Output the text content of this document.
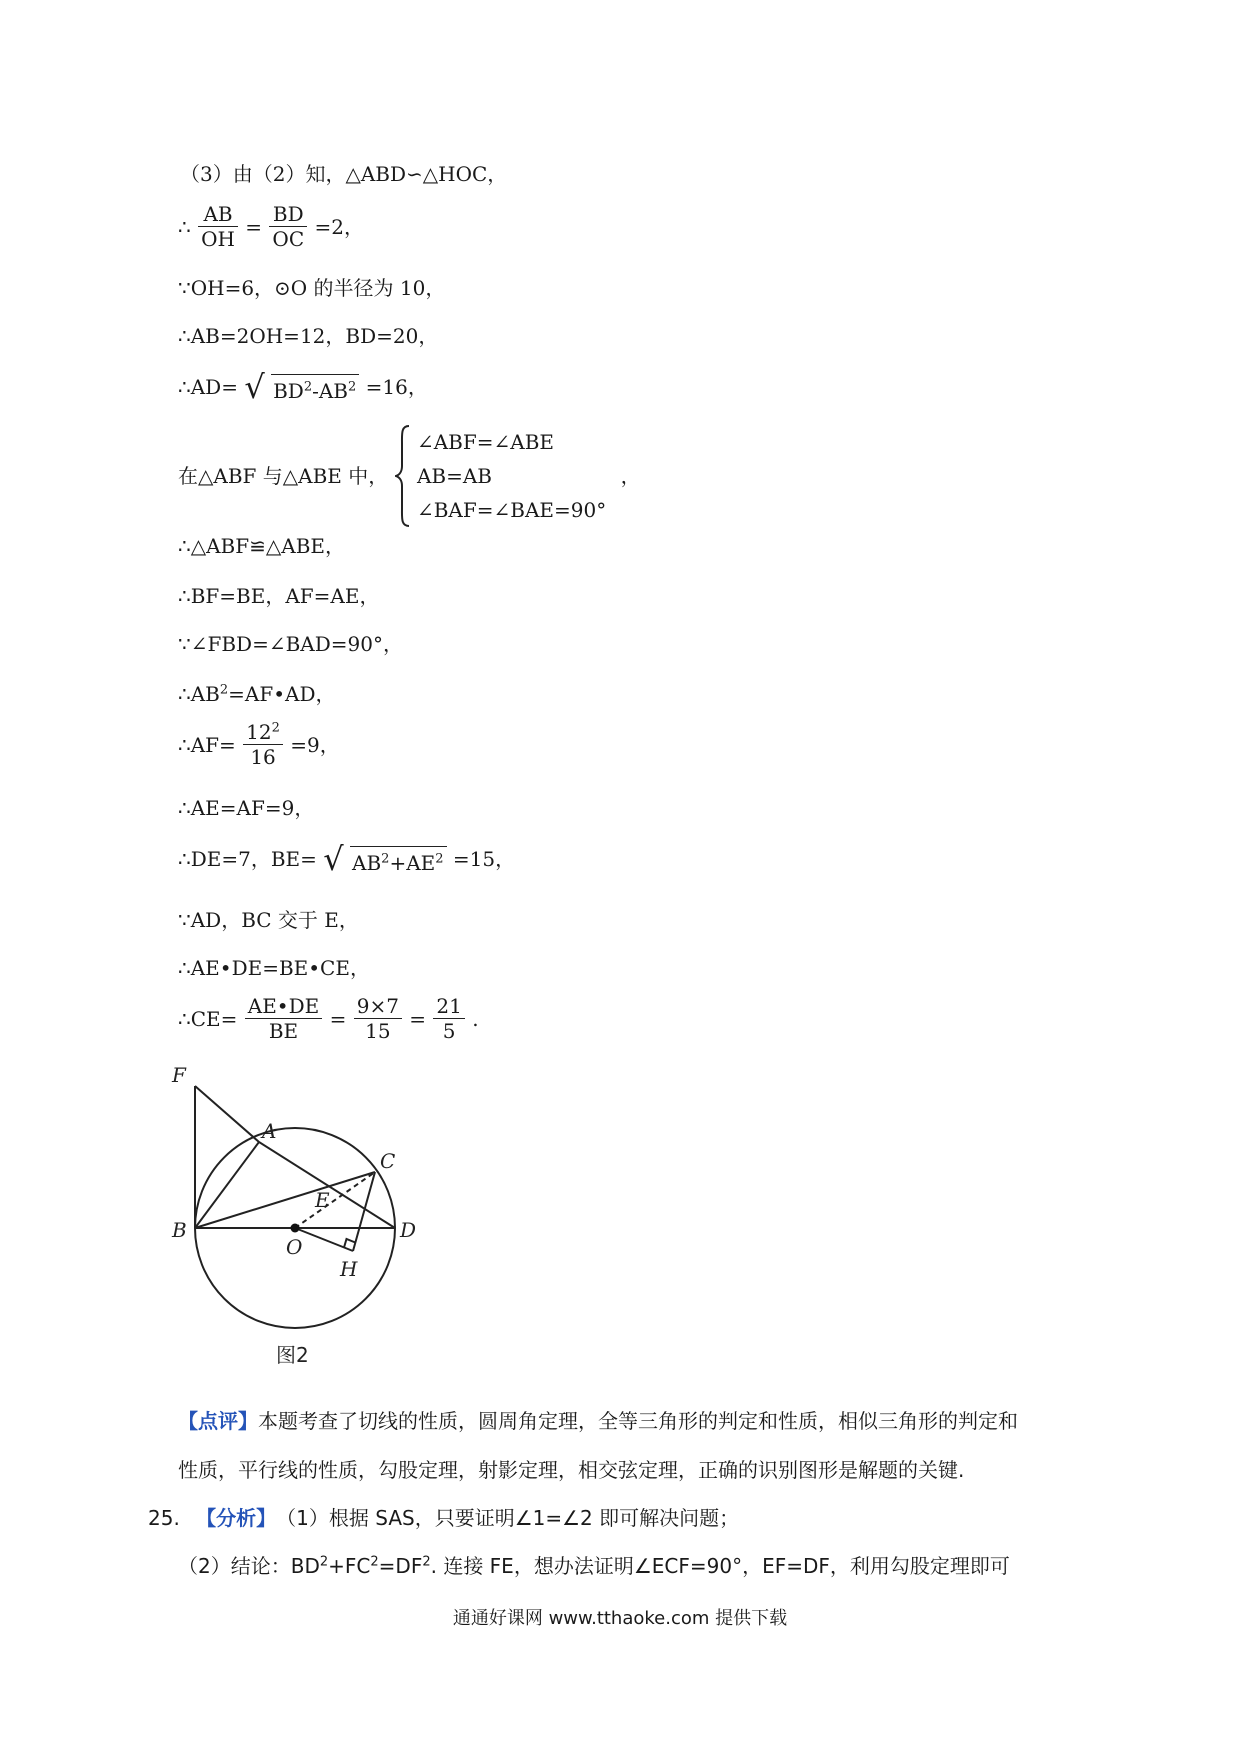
（3）由（2）知，△ABD∽△HOC，
∴ $\frac{AB}{OH} = \frac{BD}{OC} =2$，
∵OH=6，⊙O 的半径为 10，
∴AB=2OH=12，BD=20，
∴AD= √ $BD^2-AB^2 =16$，
在△ABF 与△ABE 中，

∠ABF=∠ABE
AB=AB
∠BAF=∠BAE=90°
，
∴△ABF≌△ABE，
∴BF=BE，AF=AE，
∵∠FBD=∠BAD=90°，
$\therefore AB^2=AF•AD$，
∴AF= $\frac{12^2}{16} =9$，
∴AE=AF=9，
∴DE=7，BE= √ $AB^2+AE^2 =15$，
∵AD，BC 交于 E，
∴AE•DE=BE•CE，
∴CE= $\frac{AE•DE}{BE} = \frac{9\times 7}{15} = \frac{21}{5}$ .
F
A
C
E
B
O
D
H
图2
【点评】本题考查了切线的性质，圆周角定理，全等三角形的判定和性质，相似三角形的判定和
性质，平行线的性质，勾股定理，射影定理，相交弦定理，正确的识别图形是解题的关键.
25. 【分析】（1）根据 SAS，只要证明∠1=∠2 即可解决问题；
（2）结论：$BD^2+FC^2=DF^2$. 连接 FE，想办法证明∠ECF=90°，EF=DF，利用勾股定理即可
通通好课网 www.tthaoke.com 提供下载
